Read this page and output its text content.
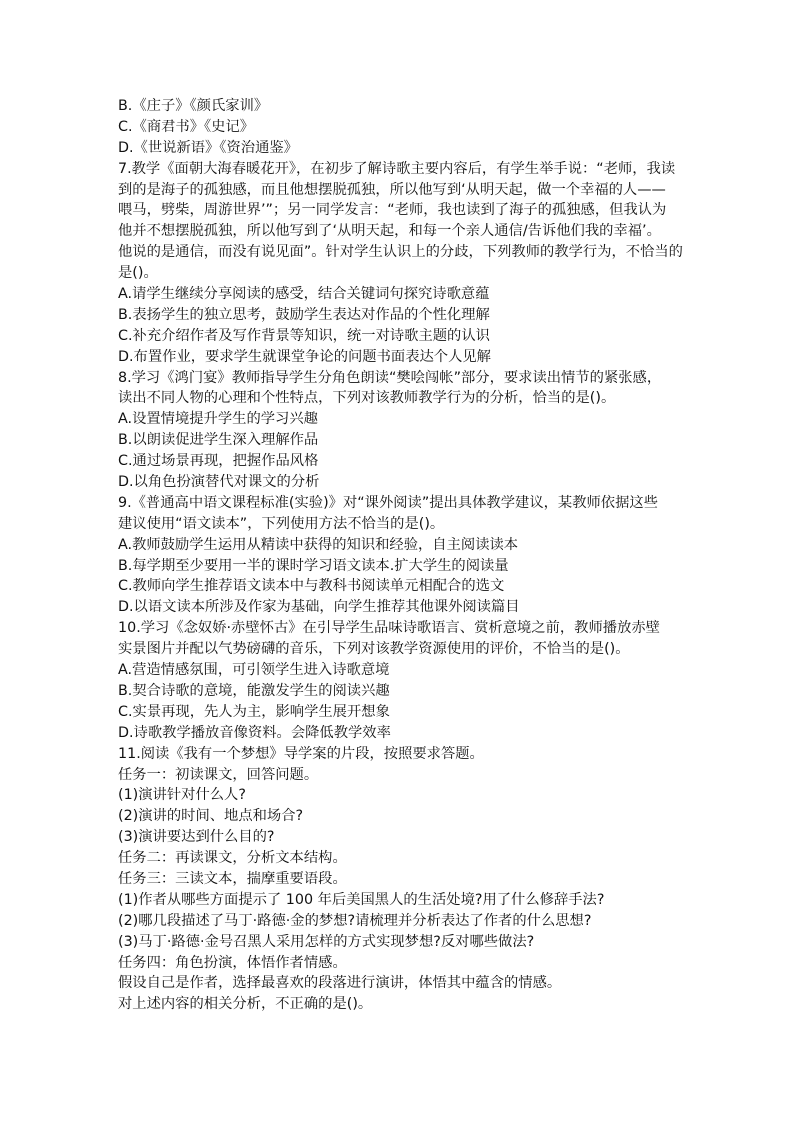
B.《庄子》《颜氏家训》
C.《商君书》《史记》
D.《世说新语》《资治通鉴》
7.教学《面朝大海春暖花开》，在初步了解诗歌主要内容后，有学生举手说：“老师，我读
到的是海子的孤独感，而且他想摆脱孤独，所以他写到‘从明天起，做一个幸福的人——
喂马，劈柴，周游世界’”；另一同学发言：“老师，我也读到了海子的孤独感，但我认为
他并不想摆脱孤独，所以他写到了‘从明天起，和每一个亲人通信/告诉他们我的幸福’。
他说的是通信，而没有说见面”。针对学生认识上的分歧，下列教师的教学行为，不恰当的
是()。
A.请学生继续分享阅读的感受，结合关键词句探究诗歌意蕴
B.表扬学生的独立思考，鼓励学生表达对作品的个性化理解
C.补充介绍作者及写作背景等知识，统一对诗歌主题的认识
D.布置作业，要求学生就课堂争论的问题书面表达个人见解
8.学习《鸿门宴》教师指导学生分角色朗读“樊哙闯帐”部分，要求读出情节的紧张感，
读出不同人物的心理和个性特点，下列对该教师教学行为的分析，恰当的是()。
A.设置情境提升学生的学习兴趣
B.以朗读促进学生深入理解作品
C.通过场景再现，把握作品风格
D.以角色扮演替代对课文的分析
9.《普通高中语文课程标准(实验)》对“课外阅读”提出具体教学建议，某教师依据这些
建议使用“语文读本”，下列使用方法不恰当的是()。
A.教师鼓励学生运用从精读中获得的知识和经验，自主阅读读本
B.每学期至少要用一半的课时学习语文读本.扩大学生的阅读量
C.教师向学生推荐语文读本中与教科书阅读单元相配合的选文
D.以语文读本所涉及作家为基础，向学生推荐其他课外阅读篇目
10.学习《念奴娇·赤壁怀古》在引导学生品味诗歌语言、赏析意境之前，教师播放赤壁
实景图片并配以气势磅礴的音乐，下列对该教学资源使用的评价，不恰当的是()。
A.营造情感氛围，可引领学生进入诗歌意境
B.契合诗歌的意境，能激发学生的阅读兴趣
C.实景再现，先人为主，影响学生展开想象
D.诗歌教学播放音像资料。会降低教学效率
11.阅读《我有一个梦想》导学案的片段，按照要求答题。
任务一：初读课文，回答问题。
(1)演讲针对什么人?
(2)演讲的时间、地点和场合?
(3)演讲要达到什么目的?
任务二：再读课文，分析文本结构。
任务三：三读文本，揣摩重要语段。
(1)作者从哪些方面提示了 100 年后美国黑人的生活处境?用了什么修辞手法?
(2)哪几段描述了马丁·路德·金的梦想?请梳理并分析表达了作者的什么思想?
(3)马丁·路德·金号召黑人采用怎样的方式实现梦想?反对哪些做法?
任务四：角色扮演，体悟作者情感。
假设自己是作者，选择最喜欢的段落进行演讲，体悟其中蕴含的情感。
对上述内容的相关分析，不正确的是()。
